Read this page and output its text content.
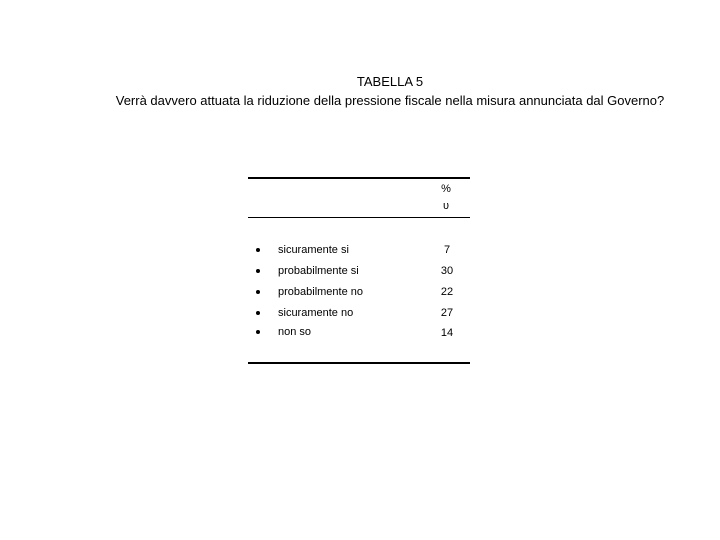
TABELLA 5
Verrà davvero attuata la riduzione della pressione fiscale nella misura annunciata dal Governo?
%
υ
sicuramente si	7
probabilmente si	30
probabilmente no	22
sicuramente no	27
non so	14
